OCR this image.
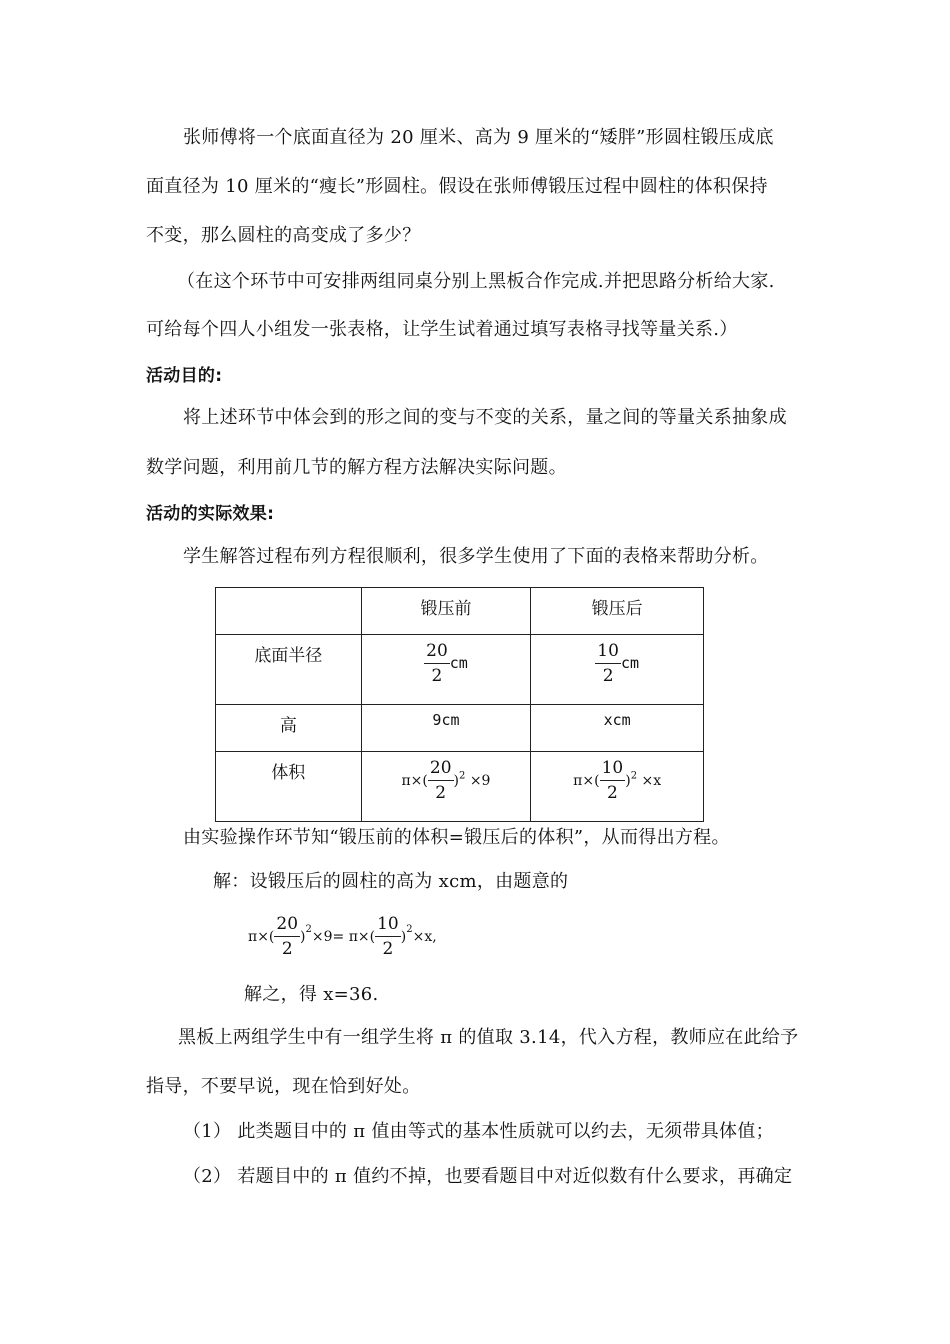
张师傅将一个底面直径为 20 厘米、高为 9 厘米的“矮胖”形圆柱锻压成底
面直径为 10 厘米的“瘦长”形圆柱。假设在张师傅锻压过程中圆柱的体积保持
不变，那么圆柱的高变成了多少？
（在这个环节中可安排两组同桌分别上黑板合作完成.并把思路分析给大家.
可给每个四人小组发一张表格，让学生试着通过填写表格寻找等量关系.）
活动目的:
将上述环节中体会到的形之间的变与不变的关系，量之间的等量关系抽象成
数学问题，利用前几节的解方程方法解决实际问题。
活动的实际效果:
学生解答过程布列方程很顺利，很多学生使用了下面的表格来帮助分析。
	锻压前	锻压后
底面半径	$\frac{20}{2}$ cm	$\frac{10}{2}$ cm
高	9cm	xcm
体积	$\pi\times( \frac{20}{2} )^2 \times 9$	$\pi\times( \frac{10}{2} )^2 \times x$
由实验操作环节知“锻压前的体积=锻压后的体积”，从而得出方程。
解：设锻压后的圆柱的高为 xcm，由题意的
$\pi\times( \frac{20}{2} )^2 \times 9= \pi\times( \frac{10}{2} )^2 \times x$,
解之，得 x=36.
黑板上两组学生中有一组学生将 π 的值取 3.14，代入方程，教师应在此给予
指导，不要早说，现在恰到好处。
（1） 此类题目中的 π 值由等式的基本性质就可以约去，无须带具体值；
（2） 若题目中的 π 值约不掉，也要看题目中对近似数有什么要求，再确定
